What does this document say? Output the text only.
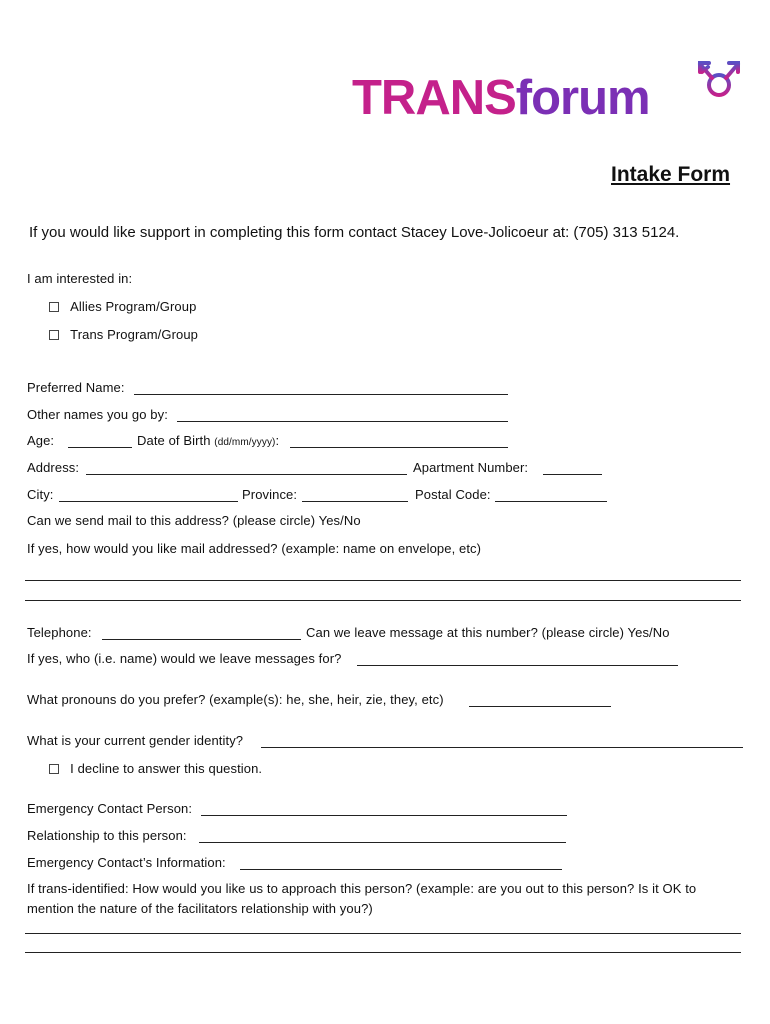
TRANSforum
Intake Form
If you would like support in completing this form contact Stacey Love-Jolicoeur at: (705) 313 5124.
I am interested in:
Allies Program/Group
Trans Program/Group
Preferred Name:
Other names you go by:
Age:	Date of Birth (dd/mm/yyyy):
Address:	Apartment Number:
City:	Province:	Postal Code:
Can we send mail to this address? (please circle) Yes/No
If yes, how would you like mail addressed? (example: name on envelope, etc)
Telephone:	Can we leave message at this number? (please circle) Yes/No
If yes, who (i.e. name) would we leave messages for?
What pronouns do you prefer? (example(s): he, she, heir, zie, they, etc)
What is your current gender identity?
I decline to answer this question.
Emergency Contact Person:
Relationship to this person:
Emergency Contact’s Information:
If trans-identified: How would you like us to approach this person? (example: are you out to this person? Is it OK to
mention the nature of the facilitators relationship with you?)
